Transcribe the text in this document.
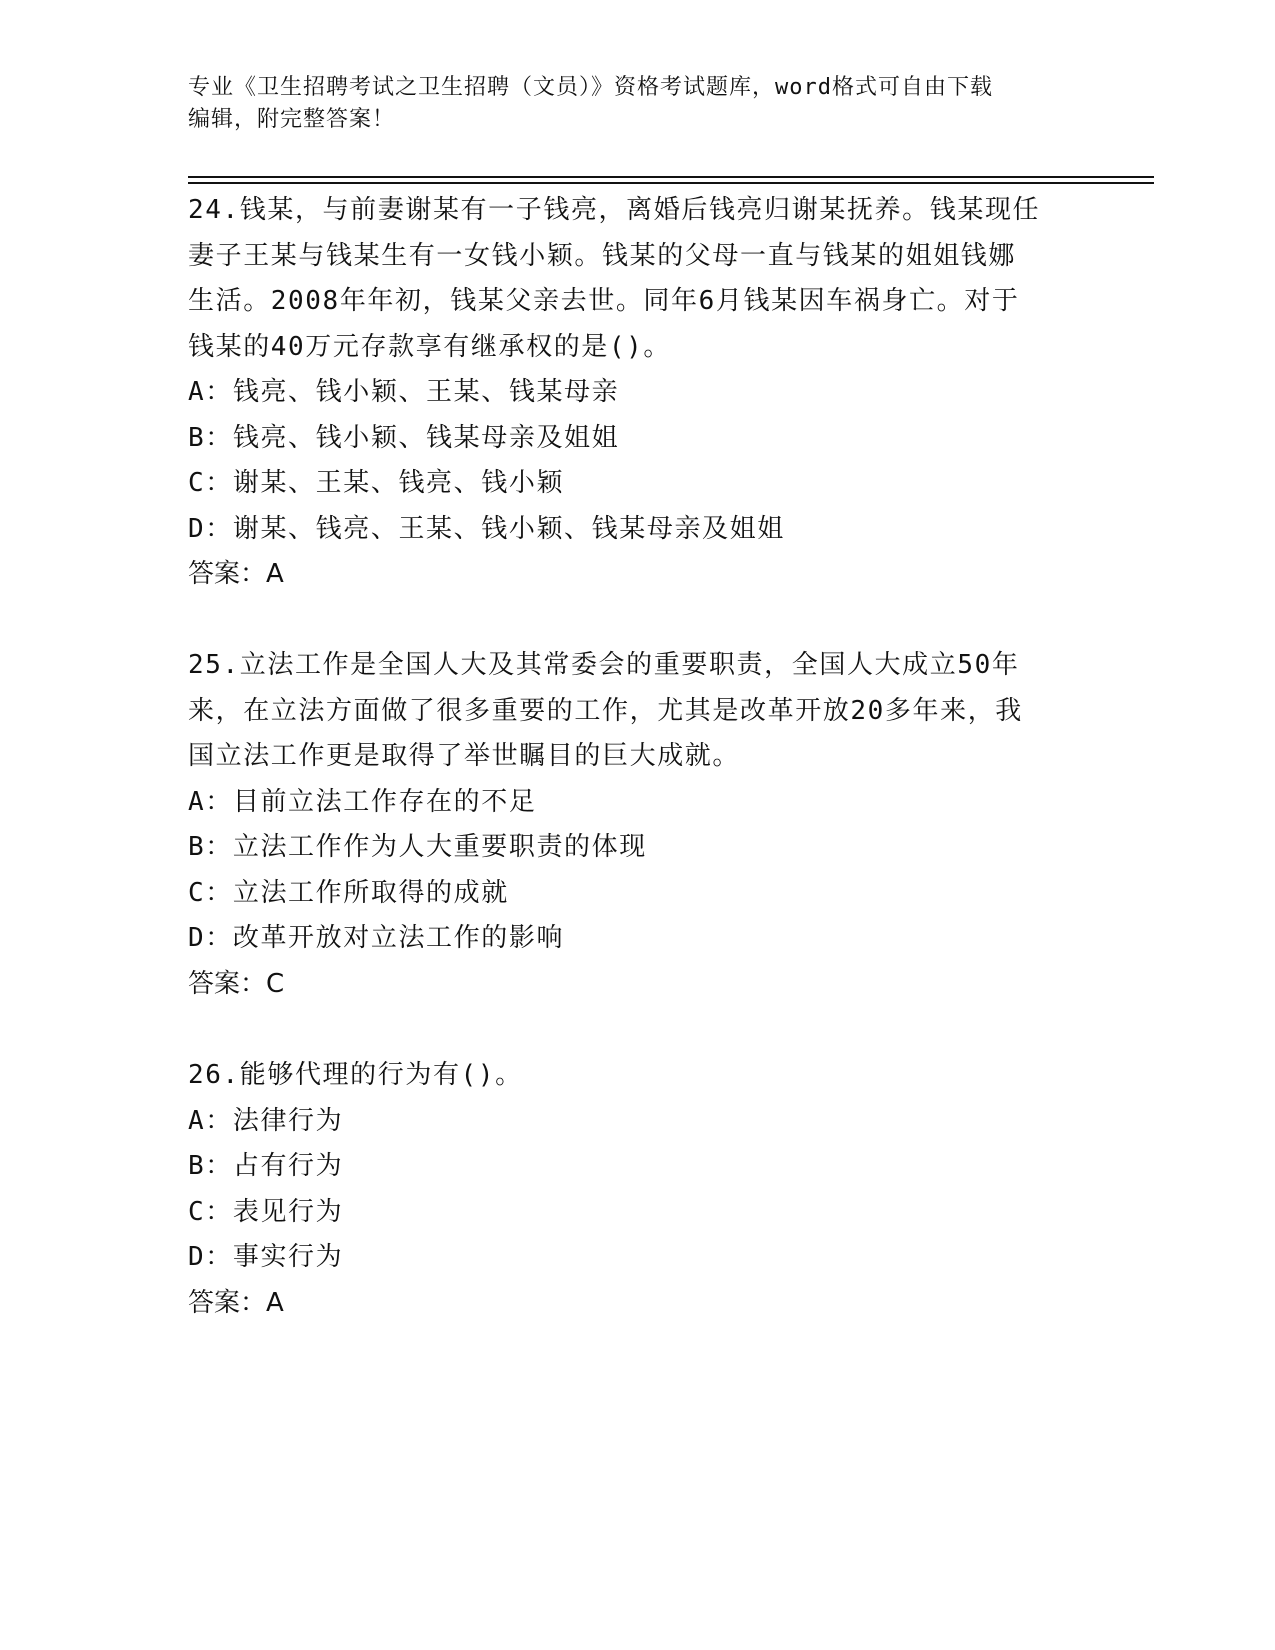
专业《卫生招聘考试之卫生招聘（文员）》资格考试题库，word格式可自由下载
编辑，附完整答案！
24.钱某，与前妻谢某有一子钱亮，离婚后钱亮归谢某抚养。钱某现任
妻子王某与钱某生有一女钱小颖。钱某的父母一直与钱某的姐姐钱娜
生活。2008年年初，钱某父亲去世。同年6月钱某因车祸身亡。对于
钱某的40万元存款享有继承权的是()。
A：钱亮、钱小颖、王某、钱某母亲
B：钱亮、钱小颖、钱某母亲及姐姐
C：谢某、王某、钱亮、钱小颖
D：谢某、钱亮、王某、钱小颖、钱某母亲及姐姐
答案：A
25.立法工作是全国人大及其常委会的重要职责，全国人大成立50年
来，在立法方面做了很多重要的工作，尤其是改革开放20多年来，我
国立法工作更是取得了举世瞩目的巨大成就。
A：目前立法工作存在的不足
B：立法工作作为人大重要职责的体现
C：立法工作所取得的成就
D：改革开放对立法工作的影响
答案：C
26.能够代理的行为有()。
A：法律行为
B：占有行为
C：表见行为
D：事实行为
答案：A
